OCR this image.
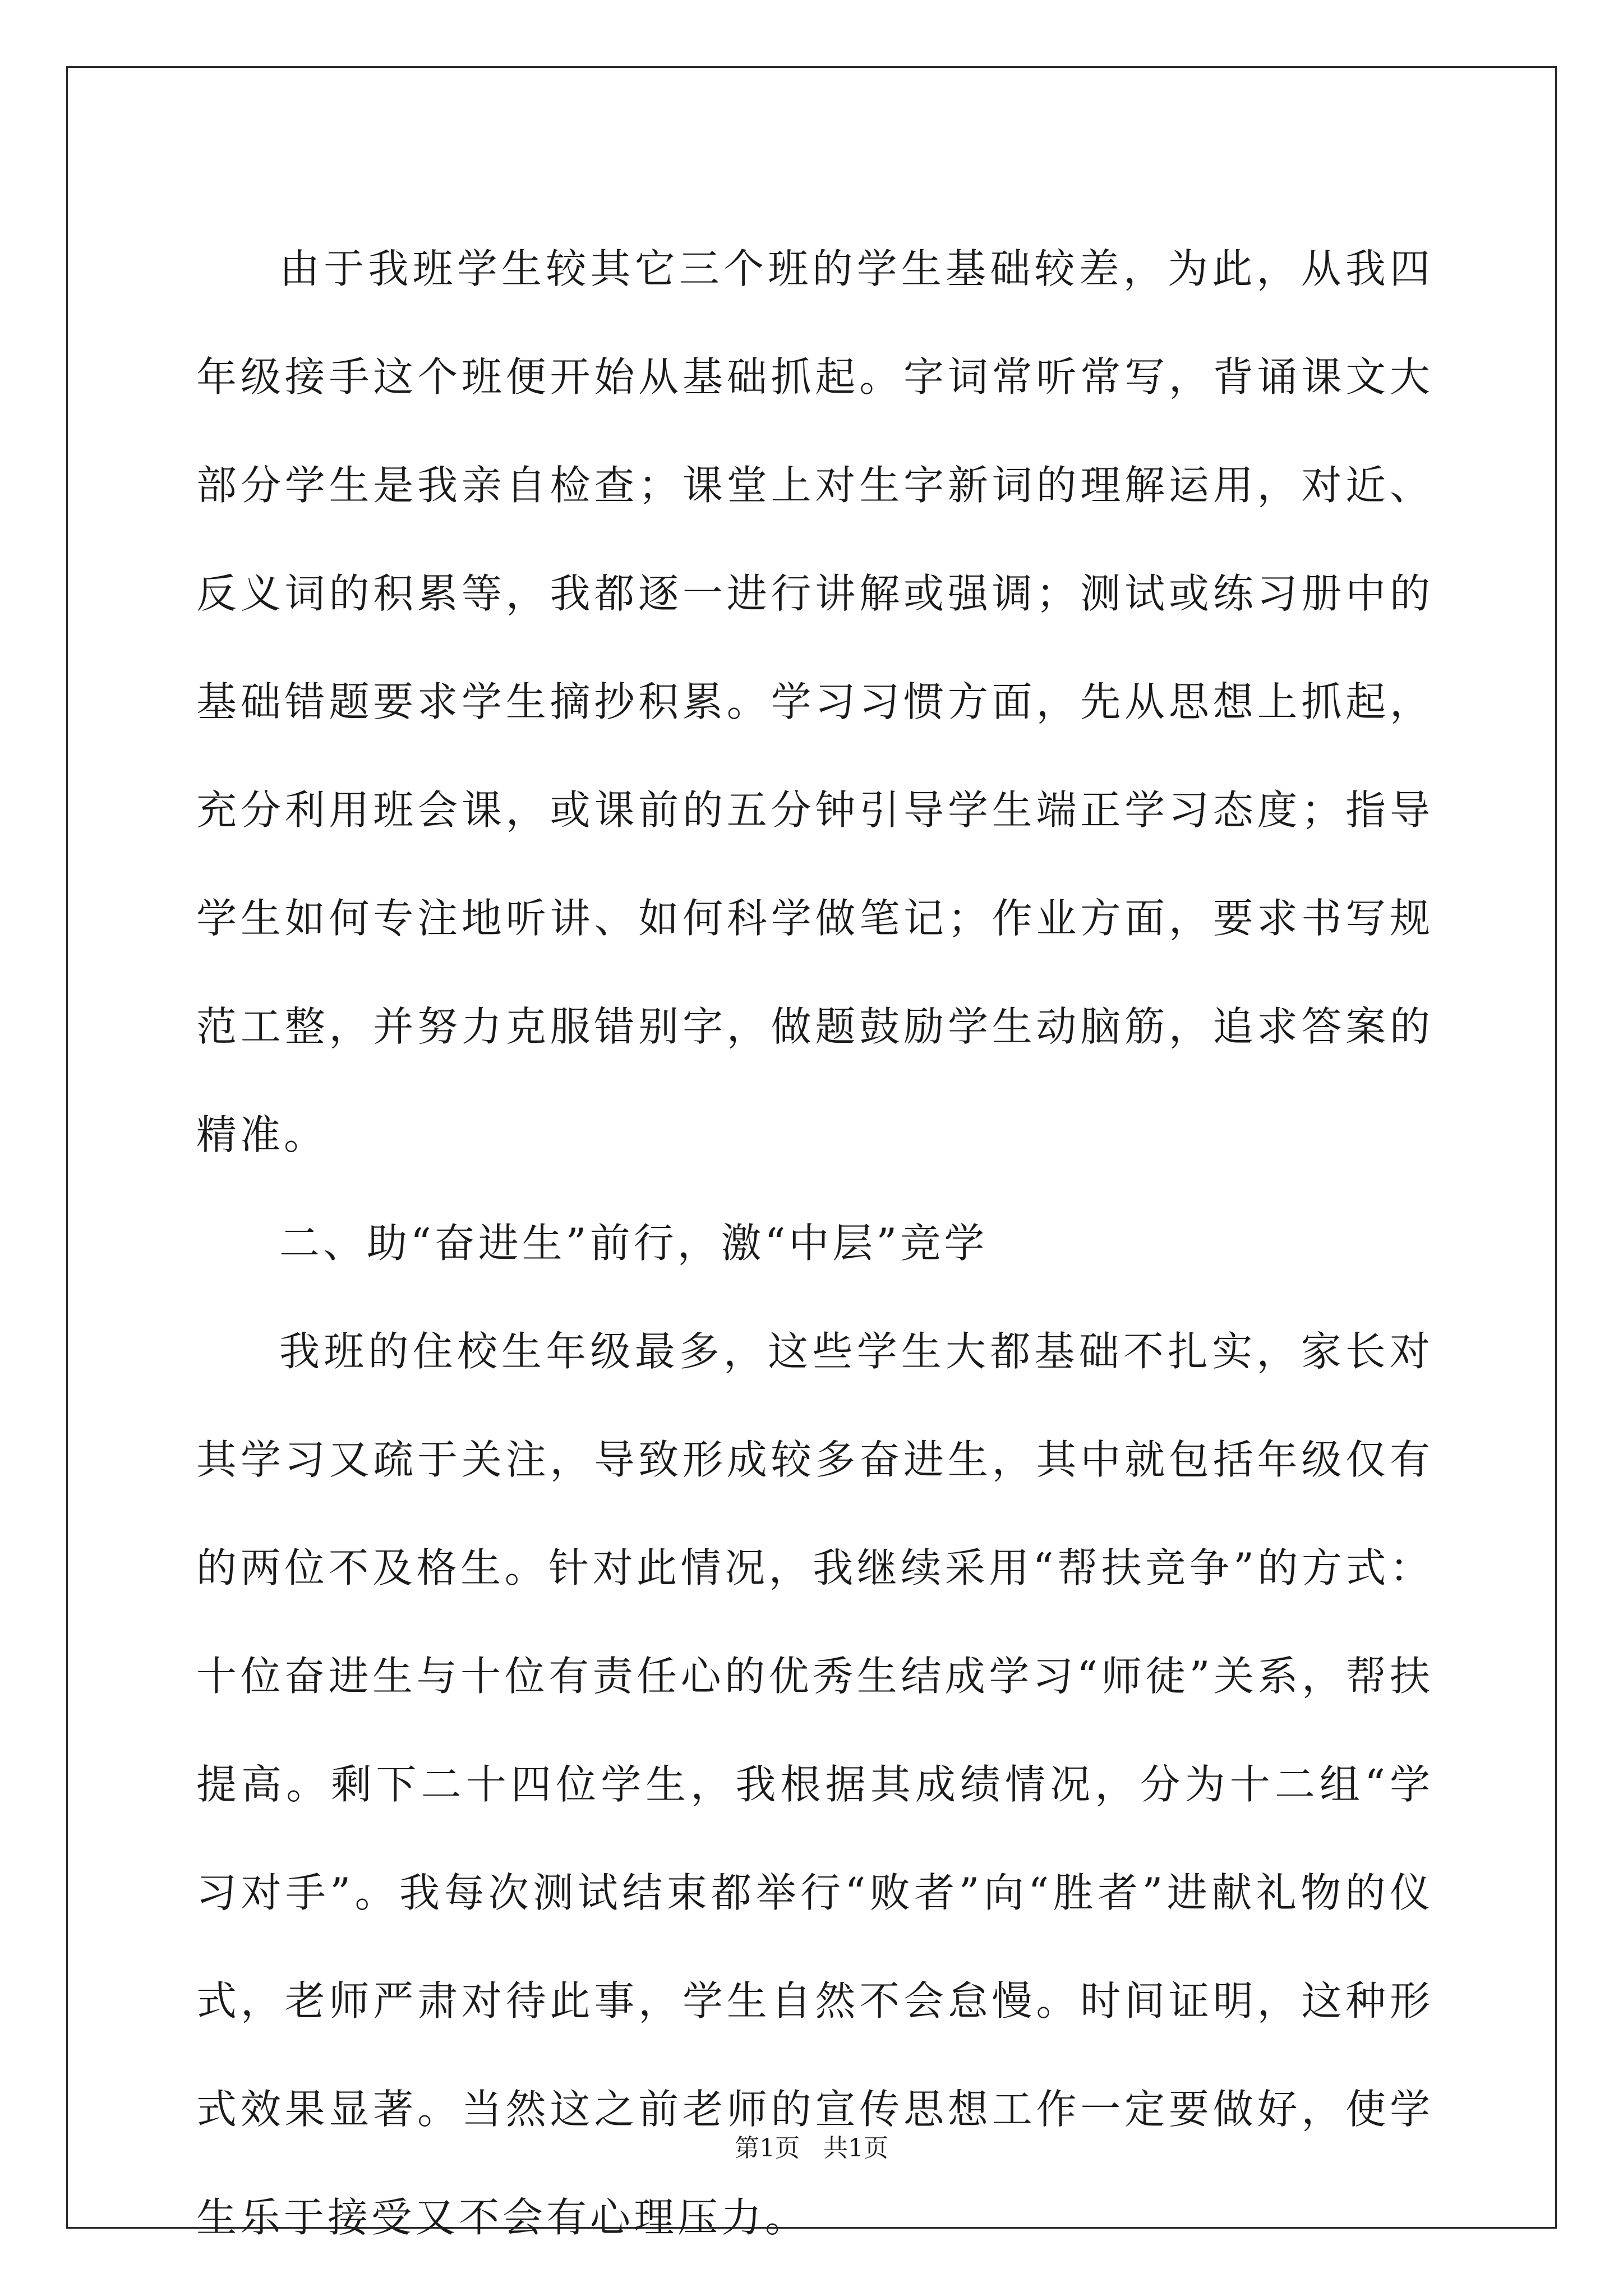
由于我班学生较其它三个班的学生基础较差，为此，从我四年级接手这个班便开始从基础抓起。字词常听常写，背诵课文大部分学生是我亲自检查；课堂上对生字新词的理解运用，对近、反义词的积累等，我都逐一进行讲解或强调；测试或练习册中的基础错题要求学生摘抄积累。学习习惯方面，先从思想上抓起，充分利用班会课，或课前的五分钟引导学生端正学习态度；指导学生如何专注地听讲、如何科学做笔记；作业方面，要求书写规范工整，并努力克服错别字，做题鼓励学生动脑筋，追求答案的精准。

二、助“奋进生”前行，激“中层”竞学

我班的住校生年级最多，这些学生大都基础不扎实，家长对其学习又疏于关注，导致形成较多奋进生，其中就包括年级仅有的两位不及格生。针对此情况，我继续采用“帮扶竞争”的方式：十位奋进生与十位有责任心的优秀生结成学习“师徒”关系，帮扶提高。剩下二十四位学生，我根据其成绩情况，分为十二组“学习对手”。我每次测试结束都举行“败者”向“胜者”进献礼物的仪式，老师严肃对待此事，学生自然不会怠慢。时间证明，这种形式效果显著。当然这之前老师的宣传思想工作一定要做好，使学生乐于接受又不会有心理压力。

第1页 共1页
